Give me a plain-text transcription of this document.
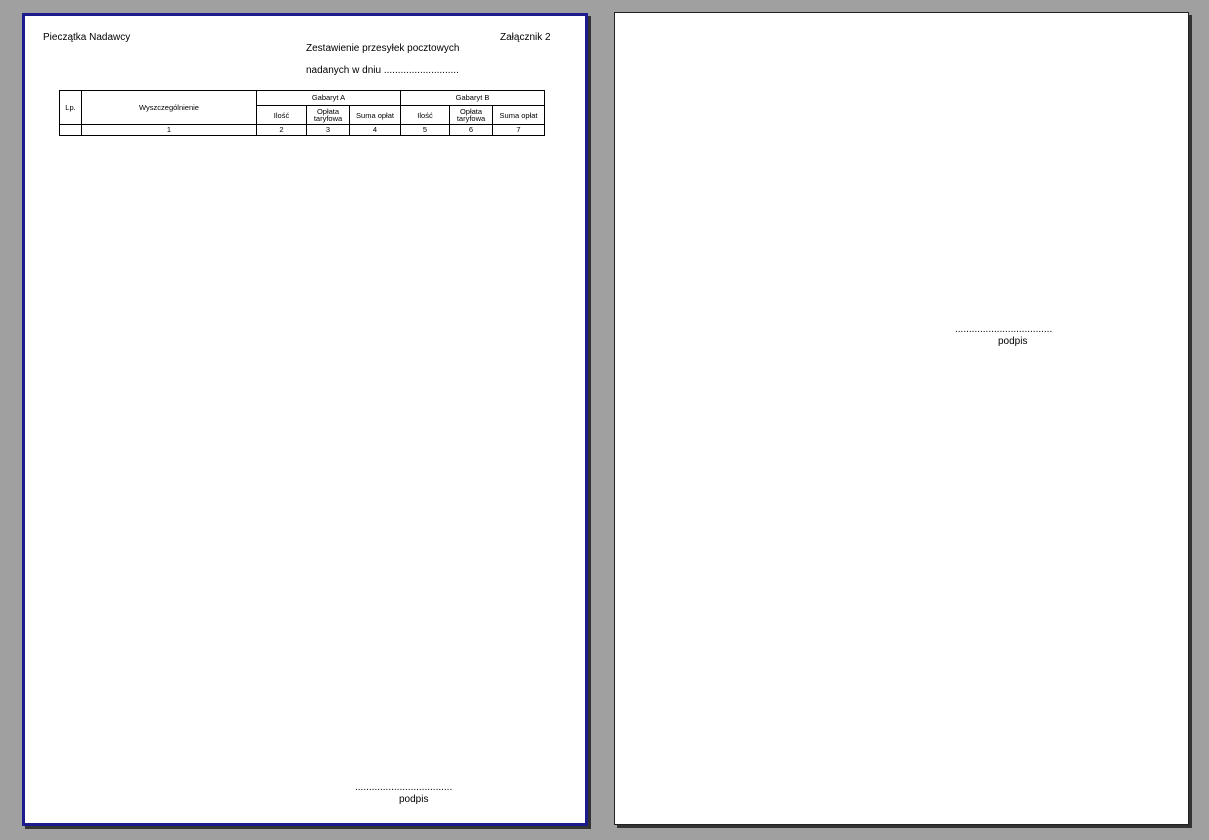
Pieczątka Nadawcy	Załącznik 2
Zestawienie przesyłek pocztowych
nadanych w dniu ...........................
Lp.	Wyszczególnienie	Gabaryt A			Gabaryt B		
		Ilość	Opłata taryfowa	Suma opłat	Ilość	Opłata taryfowa	Suma opłat
	1	2	3	4	5	6	7
...................................
podpis
...................................
podpis
